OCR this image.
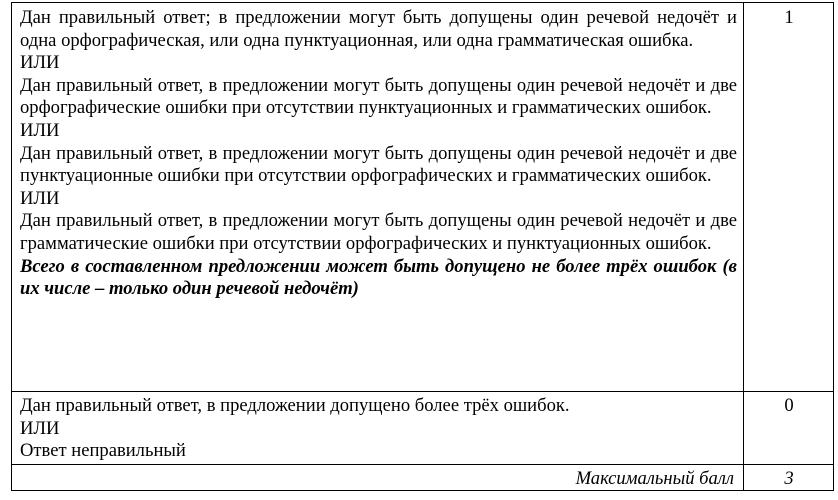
Дан правильный ответ; в предложении могут быть допущены один речевой недочёт и одна орфографическая, или одна пунктуационная, или одна грамматическая ошибка.
ИЛИ
Дан правильный ответ, в предложении могут быть допущены один речевой недочёт и две орфографические ошибки при отсутствии пунктуационных и грамматических ошибок.
ИЛИ
Дан правильный ответ, в предложении могут быть допущены один речевой недочёт и две пунктуационные ошибки при отсутствии орфографических и грамматических ошибок.
ИЛИ
Дан правильный ответ, в предложении могут быть допущены один речевой недочёт и две грамматические ошибки при отсутствии орфографических и пунктуационных ошибок.
Всего в составленном предложении может быть допущено не более трёх ошибок (в их числе – только один речевой недочёт)
1
Дан правильный ответ, в предложении допущено более трёх ошибок.
ИЛИ
Ответ неправильный
0
Максимальный балл	3
